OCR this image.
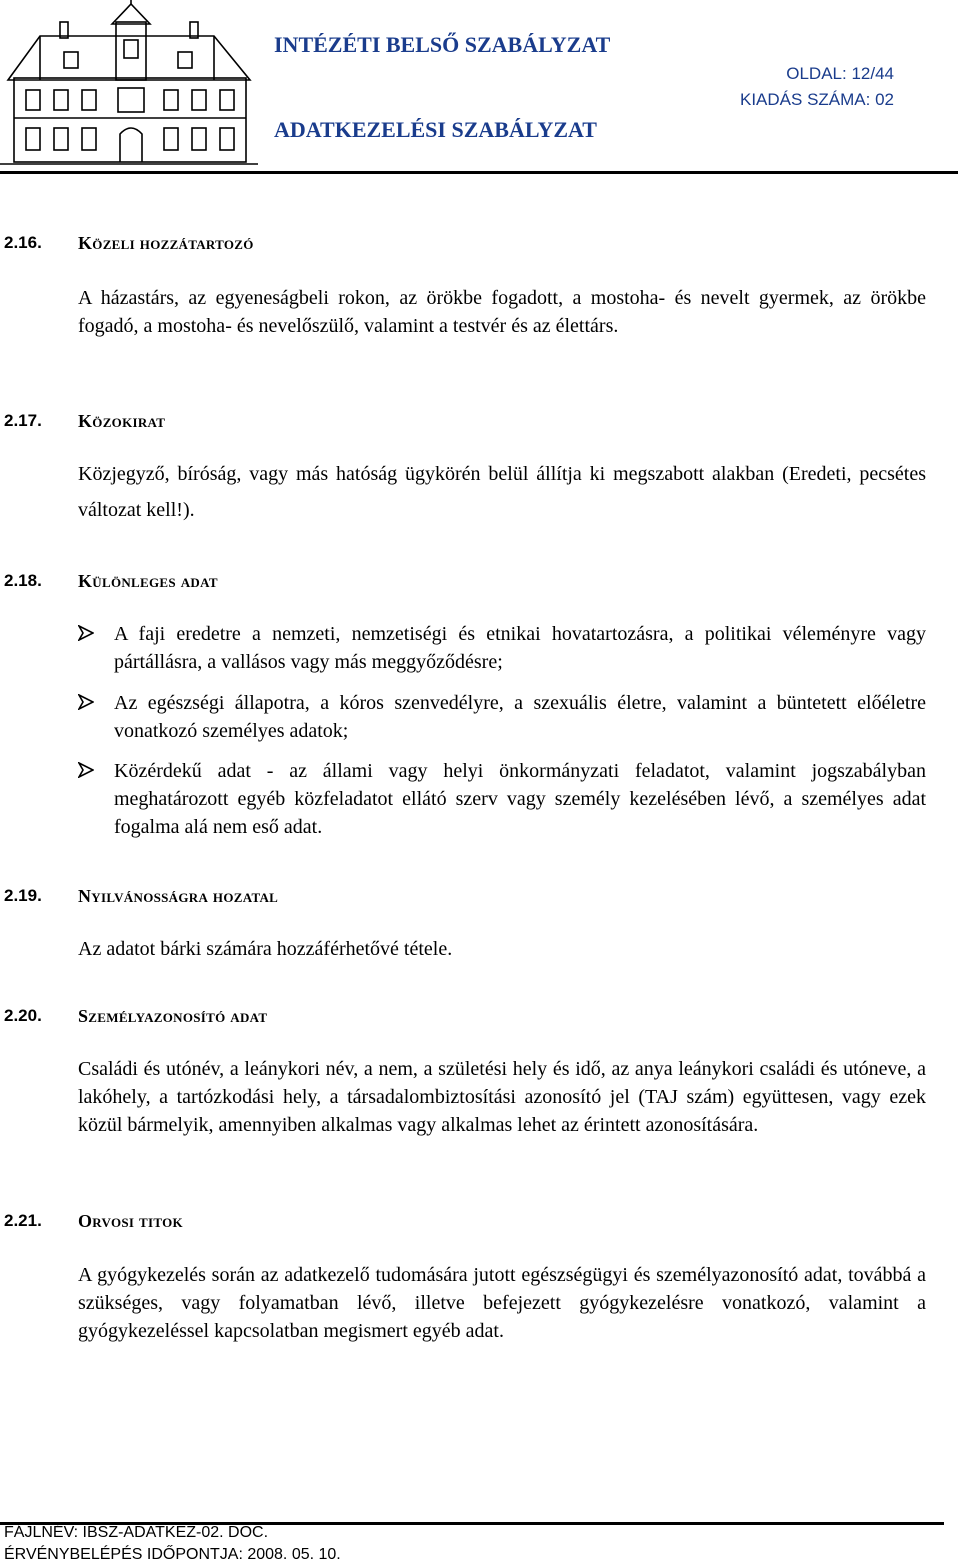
INTÉZÉTI BELSŐ SZABÁLYZAT
ADATKEZELÉSI SZABÁLYZAT
OLDAL: 12/44
KIADÁS SZÁMA: 02
2.16. Közeli hozzátartozó
A házastárs, az egyeneságbeli rokon, az örökbe fogadott, a mostoha- és nevelt gyermek, az örökbe fogadó, a mostoha- és nevelőszülő, valamint a testvér és az élettárs.
2.17. Közokirat
Közjegyző, bíróság, vagy más hatóság ügykörén belül állítja ki megszabott alakban (Eredeti, pecsétes változat kell!).
2.18. Különleges adat
A faji eredetre a nemzeti, nemzetiségi és etnikai hovatartozásra, a politikai véleményre vagy pártállásra, a vallásos vagy más meggyőződésre;
Az egészségi állapotra, a kóros szenvedélyre, a szexuális életre, valamint a büntetett előéletre vonatkozó személyes adatok;
Közérdekű adat - az állami vagy helyi önkormányzati feladatot, valamint jogszabályban meghatározott egyéb közfeladatot ellátó szerv vagy személy kezelésében lévő, a személyes adat fogalma alá nem eső adat.
2.19. Nyilvánosságra hozatal
Az adatot bárki számára hozzáférhetővé tétele.
2.20. Személyazonosító adat
Családi és utónév, a leánykori név, a nem, a születési hely és idő, az anya leánykori családi és utóneve, a lakóhely, a tartózkodási hely, a társadalombiztosítási azonosító jel (TAJ szám) együttesen, vagy ezek közül bármelyik, amennyiben alkalmas vagy alkalmas lehet az érintett azonosítására.
2.21. Orvosi titok
A gyógykezelés során az adatkezelő tudomására jutott egészségügyi és személyazonosító adat, továbbá a szükséges, vagy folyamatban lévő, illetve befejezett gyógykezelésre vonatkozó, valamint a gyógykezeléssel kapcsolatban megismert egyéb adat.
FÁJLNÉV: IBSZ-ADATKEZ-02. DOC.
ÉRVÉNYBELÉPÉS IDŐPONTJA: 2008. 05. 10.
